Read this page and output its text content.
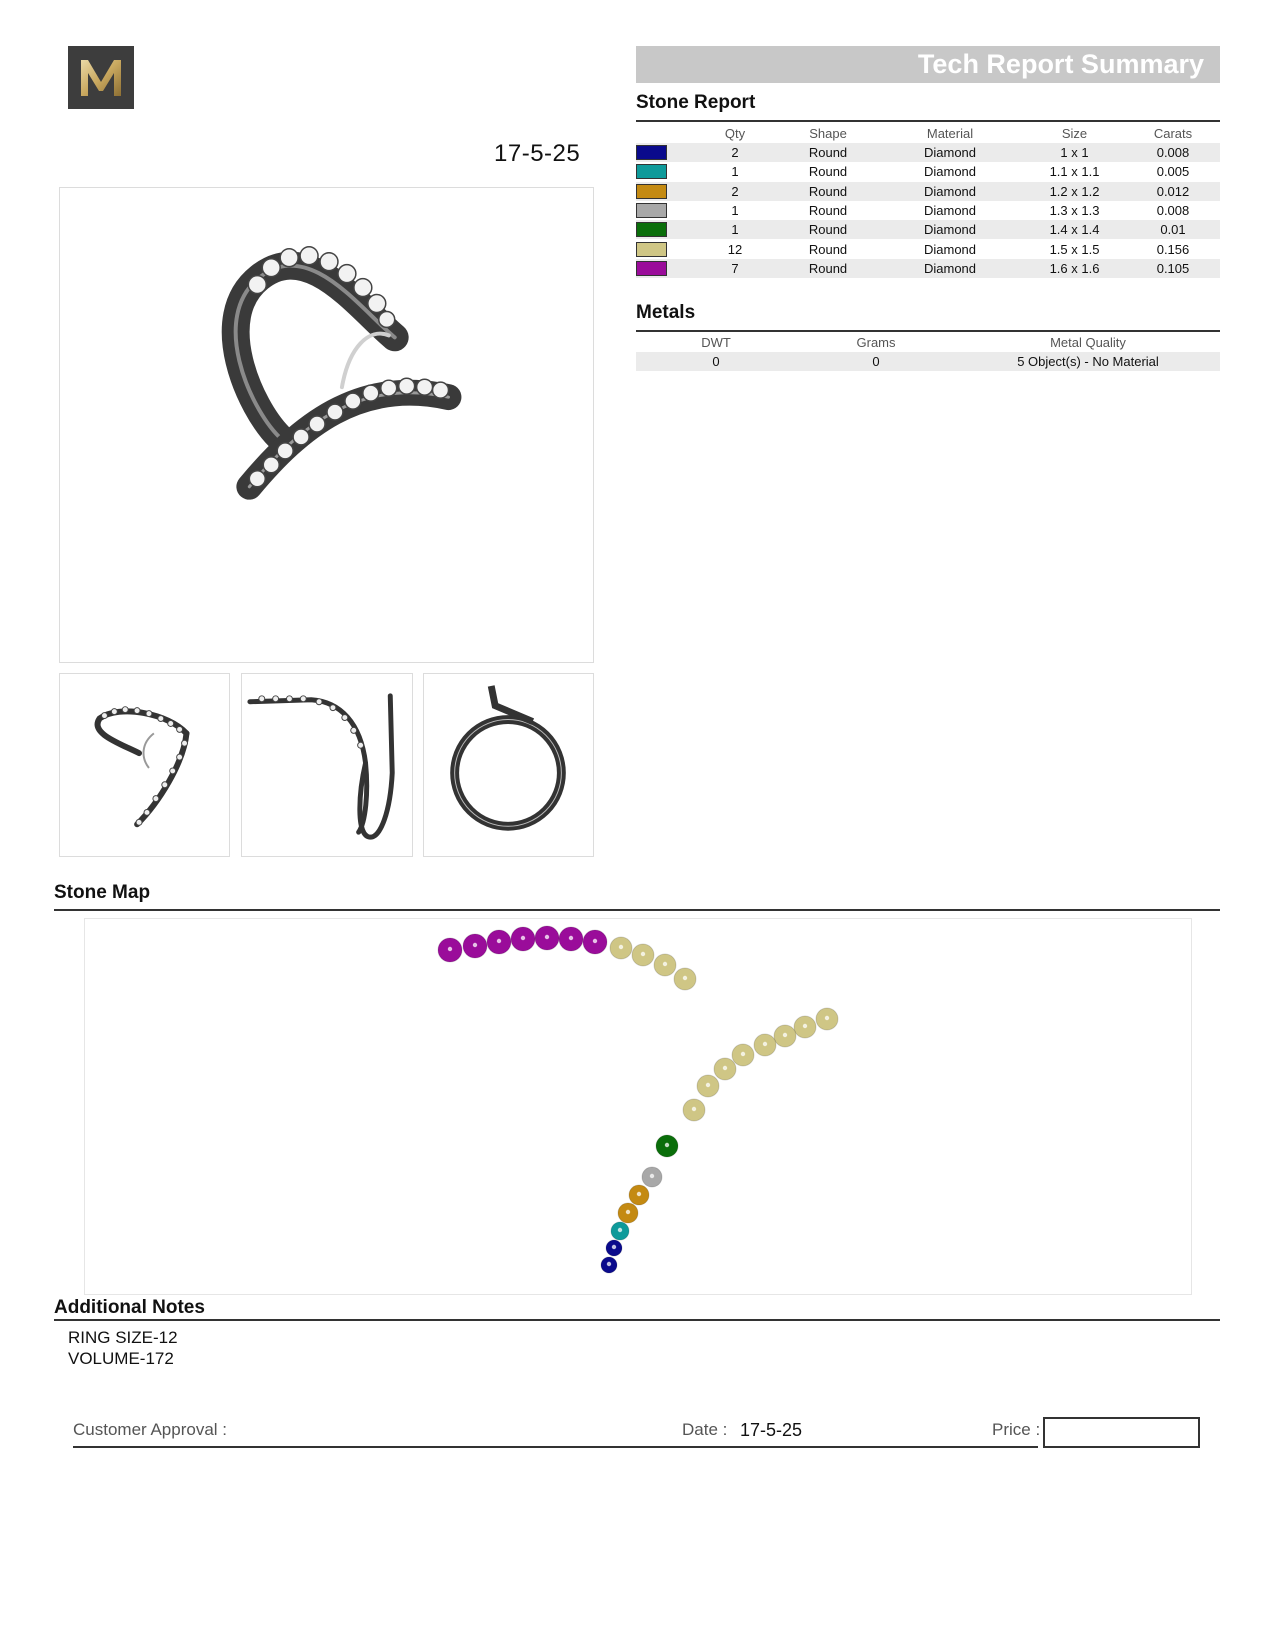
17-5-25
Tech Report Summary
Stone Report
	Qty	Shape	Material	Size	Carats

	2	Round	Diamond	1 x 1	0.008

	1	Round	Diamond	1.1 x 1.1	0.005

	2	Round	Diamond	1.2 x 1.2	0.012

	1	Round	Diamond	1.3 x 1.3	0.008

	1	Round	Diamond	1.4 x 1.4	0.01

	12	Round	Diamond	1.5 x 1.5	0.156

	7	Round	Diamond	1.6 x 1.6	0.105
Metals
DWT	Grams	Metal Quality
0	0	5 Object(s) - No Material
Stone Map
Additional Notes
RING SIZE-12
VOLUME-172
Customer Approval :	Date : 17-5-25	Price :
